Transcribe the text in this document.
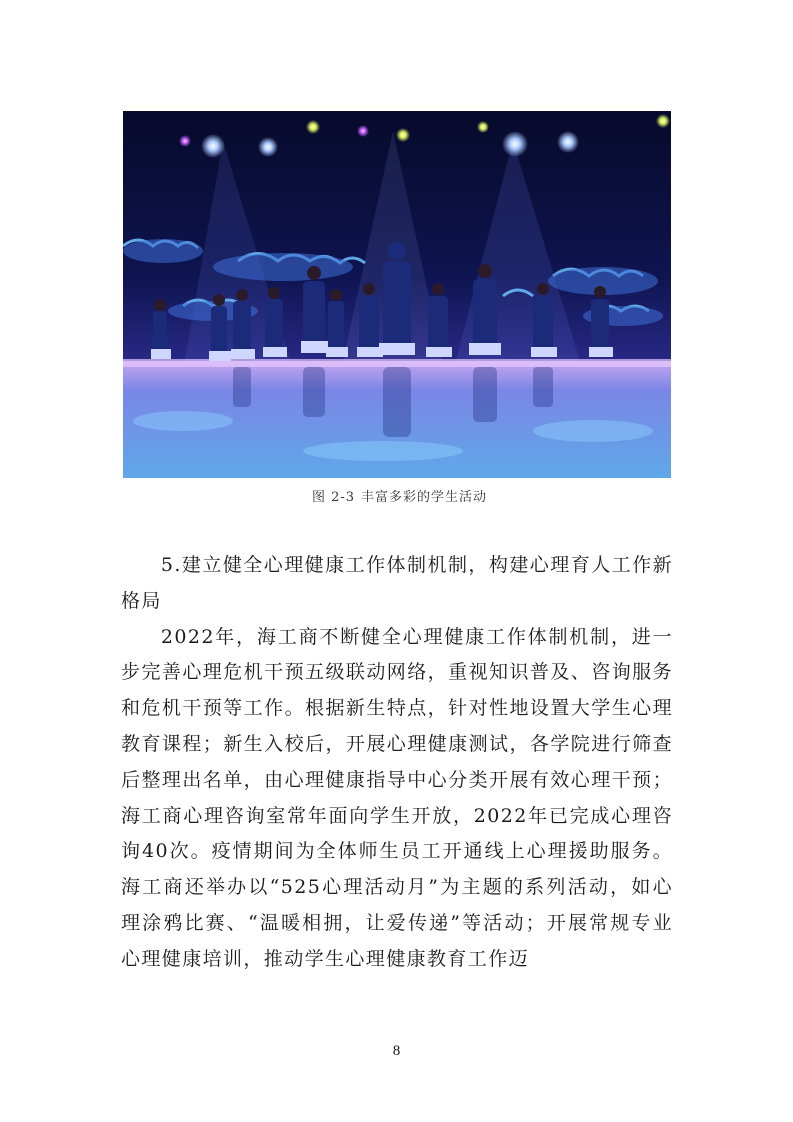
图 2-3 丰富多彩的学生活动

5.建立健全心理健康工作体制机制，构建心理育人工作新格局

2022年，海工商不断健全心理健康工作体制机制，进一步完善心理危机干预五级联动网络，重视知识普及、咨询服务和危机干预等工作。根据新生特点，针对性地设置大学生心理教育课程；新生入校后，开展心理健康测试，各学院进行筛查后整理出名单，由心理健康指导中心分类开展有效心理干预；海工商心理咨询室常年面向学生开放，2022年已完成心理咨询40次。疫情期间为全体师生员工开通线上心理援助服务。海工商还举办以“525心理活动月”为主题的系列活动，如心理涂鸦比赛、“温暖相拥，让爱传递”等活动；开展常规专业心理健康培训，推动学生心理健康教育工作迈

8
